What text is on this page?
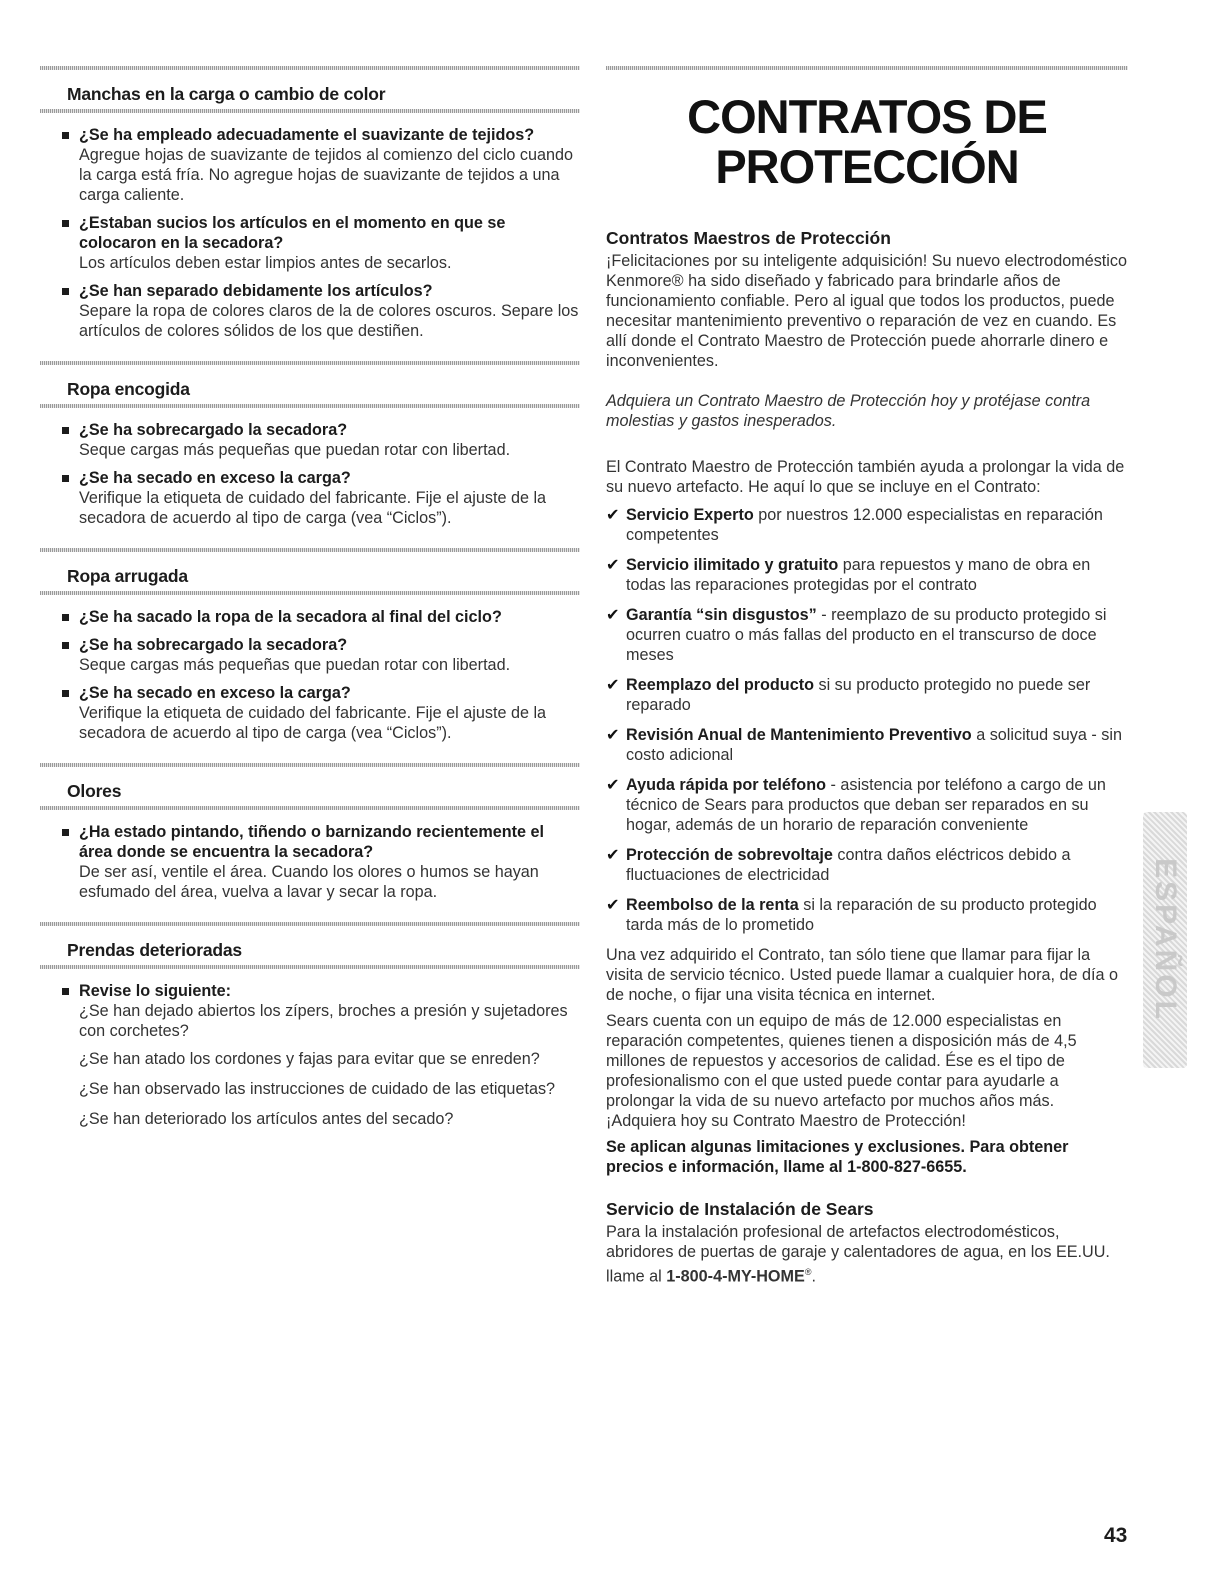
Manchas en la carga o cambio de color
¿Se ha empleado adecuadamente el suavizante de tejidos?
Agregue hojas de suavizante de tejidos al comienzo del ciclo cuando la carga está fría. No agregue hojas de suavizante de tejidos a una carga caliente.
¿Estaban sucios los artículos en el momento en que se colocaron en la secadora?
Los artículos deben estar limpios antes de secarlos.
¿Se han separado debidamente los artículos?
Separe la ropa de colores claros de la de colores oscuros. Separe los artículos de colores sólidos de los que destiñen.
Ropa encogida
¿Se ha sobrecargado la secadora?
Seque cargas más pequeñas que puedan rotar con libertad.
¿Se ha secado en exceso la carga?
Verifique la etiqueta de cuidado del fabricante. Fije el ajuste de la secadora de acuerdo al tipo de carga (vea “Ciclos”).
Ropa arrugada
¿Se ha sacado la ropa de la secadora al final del ciclo?
¿Se ha sobrecargado la secadora?
Seque cargas más pequeñas que puedan rotar con libertad.
¿Se ha secado en exceso la carga?
Verifique la etiqueta de cuidado del fabricante. Fije el ajuste de la secadora de acuerdo al tipo de carga (vea “Ciclos”).
Olores
¿Ha estado pintando, tiñendo o barnizando recientemente el área donde se encuentra la secadora?
De ser así, ventile el área. Cuando los olores o humos se hayan esfumado del área, vuelva a lavar y secar la ropa.
Prendas deterioradas
Revise lo siguiente:
¿Se han dejado abiertos los zípers, broches a presión y sujetadores con corchetes?

¿Se han atado los cordones y fajas para evitar que se enreden?

¿Se han observado las instrucciones de cuidado de las etiquetas?

¿Se han deteriorado los artículos antes del secado?

CONTRATOS DE
PROTECCIÓN
Contratos Maestros de Protección

¡Felicitaciones por su inteligente adquisición! Su nuevo electrodoméstico Kenmore® ha sido diseñado y fabricado para brindarle años de funcionamiento confiable. Pero al igual que todos los productos, puede necesitar mantenimiento preventivo o reparación de vez en cuando. Es allí donde el Contrato Maestro de Protección puede ahorrarle dinero e inconvenientes.

Adquiera un Contrato Maestro de Protección hoy y protéjase contra molestias y gastos inesperados.

El Contrato Maestro de Protección también ayuda a prolongar la vida de su nuevo artefacto. He aquí lo que se incluye en el Contrato:

✔ Servicio Experto por nuestros 12.000 especialistas en reparación competentes
✔ Servicio ilimitado y gratuito para repuestos y mano de obra en todas las reparaciones protegidas por el contrato
✔ Garantía “sin disgustos” - reemplazo de su producto protegido si ocurren cuatro o más fallas del producto en el transcurso de doce meses
✔ Reemplazo del producto si su producto protegido no puede ser reparado
✔ Revisión Anual de Mantenimiento Preventivo a solicitud suya - sin costo adicional
✔ Ayuda rápida por teléfono - asistencia por teléfono a cargo de un técnico de Sears para productos que deban ser reparados en su hogar, además de un horario de reparación conveniente
✔ Protección de sobrevoltaje contra daños eléctricos debido a fluctuaciones de electricidad
✔ Reembolso de la renta si la reparación de su producto protegido tarda más de lo prometido

Una vez adquirido el Contrato, tan sólo tiene que llamar para fijar la visita de servicio técnico. Usted puede llamar a cualquier hora, de día o de noche, o fijar una visita técnica en internet.

Sears cuenta con un equipo de más de 12.000 especialistas en reparación competentes, quienes tienen a disposición más de 4,5 millones de repuestos y accesorios de calidad. Ése es el tipo de profesionalismo con el que usted puede contar para ayudarle a prolongar la vida de su nuevo artefacto por muchos años más. ¡Adquiera hoy su Contrato Maestro de Protección!

Se aplican algunas limitaciones y exclusiones. Para obtener precios e información, llame al 1-800-827-6655.
Servicio de Instalación de Sears

Para la instalación profesional de artefactos electrodomésticos, abridores de puertas de garaje y calentadores de agua, en los EE.UU. llame al 1-800-4-MY-HOME®.

ESPAÑOL
43
